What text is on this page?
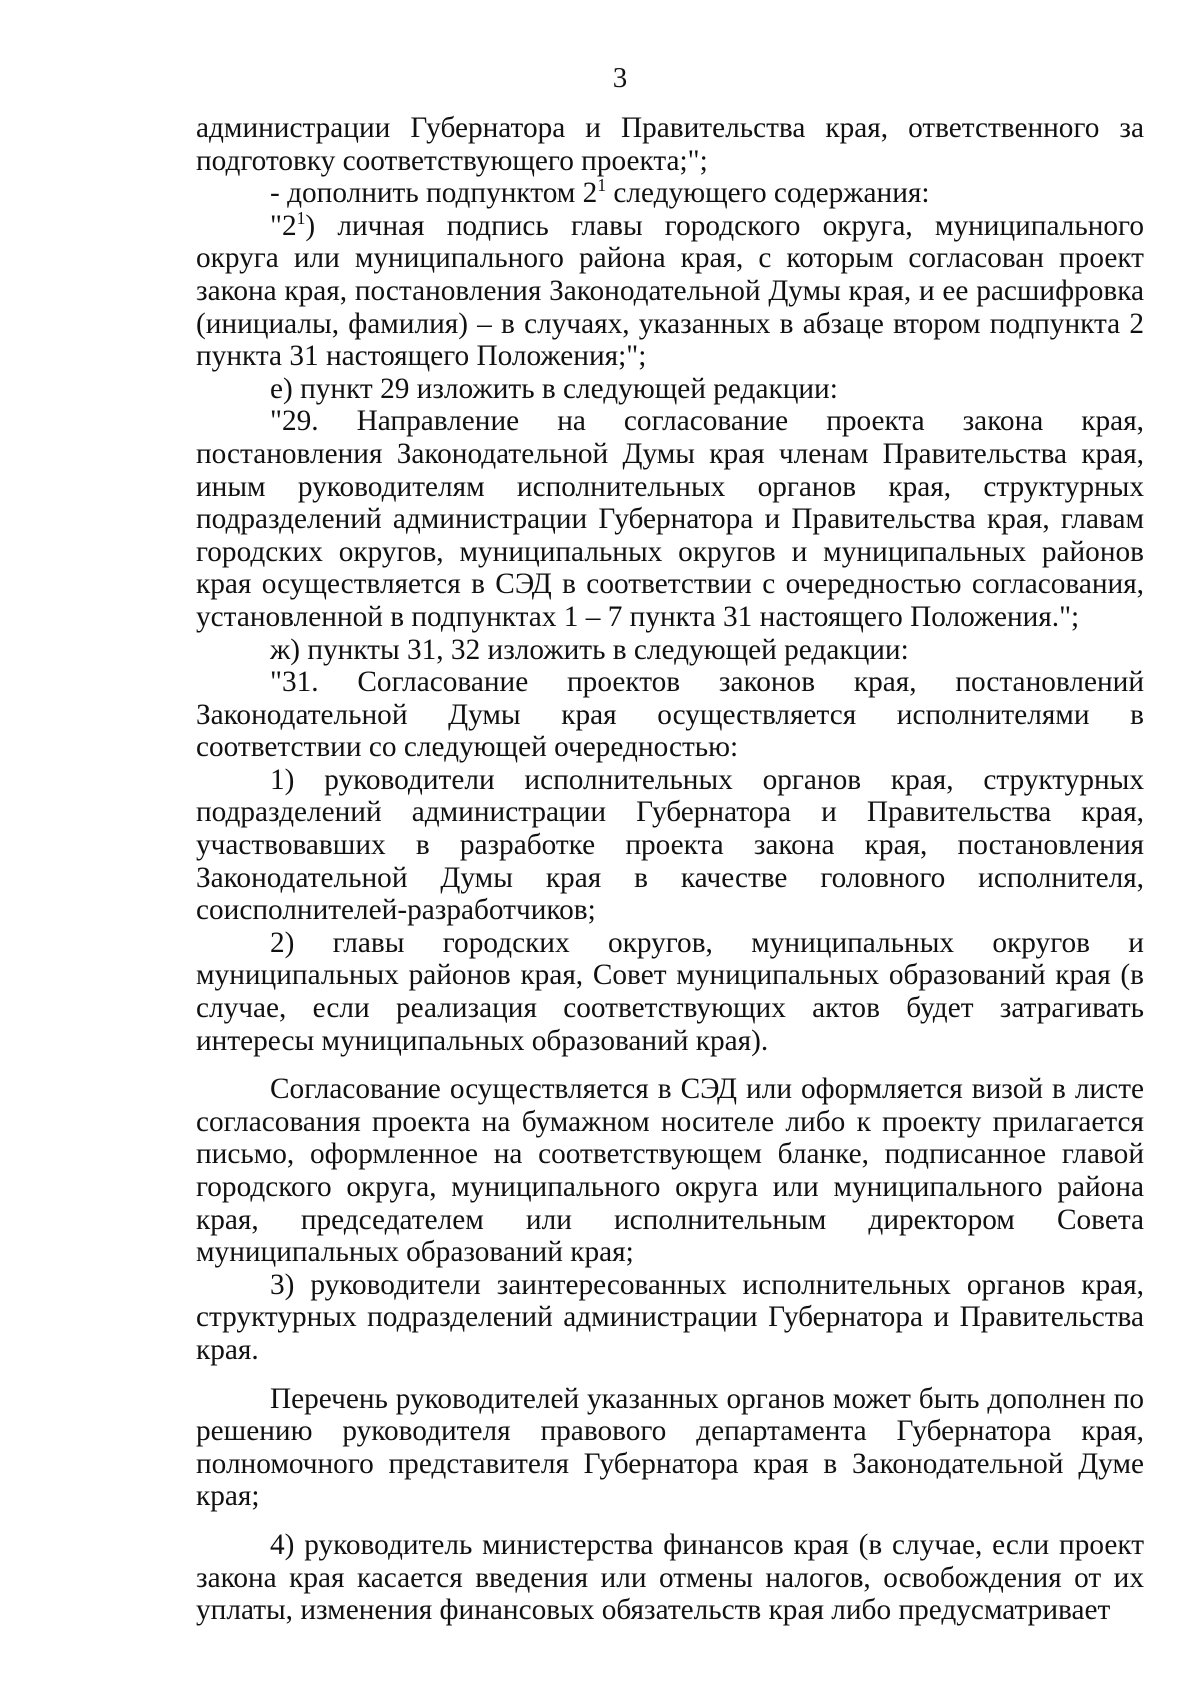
3

администрации Губернатора и Правительства края, ответственного за подготовку соответствующего проекта;";

- дополнить подпунктом $2^1$ следующего содержания:

"$2^1$) личная подпись главы городского округа, муниципального округа или муниципального района края, с которым согласован проект закона края, постановления Законодательной Думы края, и ее расшифровка (инициалы, фамилия) – в случаях, указанных в абзаце втором подпункта 2 пункта 31 настоящего Положения;";

е) пункт 29 изложить в следующей редакции:

"29. Направление на согласование проекта закона края, постановления Законодательной Думы края членам Правительства края, иным руководителям исполнительных органов края, структурных подразделений администрации Губернатора и Правительства края, главам городских округов, муниципальных округов и муниципальных районов края осуществляется в СЭД в соответствии с очередностью согласования, установленной в подпунктах 1 – 7 пункта 31 настоящего Положения.";

ж) пункты 31, 32 изложить в следующей редакции:

"31. Согласование проектов законов края, постановлений Законодательной Думы края осуществляется исполнителями в соответствии со следующей очередностью:

1) руководители исполнительных органов края, структурных подразделений администрации Губернатора и Правительства края, участвовавших в разработке проекта закона края, постановления Законодательной Думы края в качестве головного исполнителя, соисполнителей-разработчиков;

2) главы городских округов, муниципальных округов и муниципальных районов края, Совет муниципальных образований края (в случае, если реализация соответствующих актов будет затрагивать интересы муниципальных образований края).

Согласование осуществляется в СЭД или оформляется визой в листе согласования проекта на бумажном носителе либо к проекту прилагается письмо, оформленное на соответствующем бланке, подписанное главой городского округа, муниципального округа или муниципального района края, председателем или исполнительным директором Совета муниципальных образований края;

3) руководители заинтересованных исполнительных органов края, структурных подразделений администрации Губернатора и Правительства края.

Перечень руководителей указанных органов может быть дополнен по решению руководителя правового департамента Губернатора края, полномочного представителя Губернатора края в Законодательной Думе края;

4) руководитель министерства финансов края (в случае, если проект закона края касается введения или отмены налогов, освобождения от их уплаты, изменения финансовых обязательств края либо предусматривает
